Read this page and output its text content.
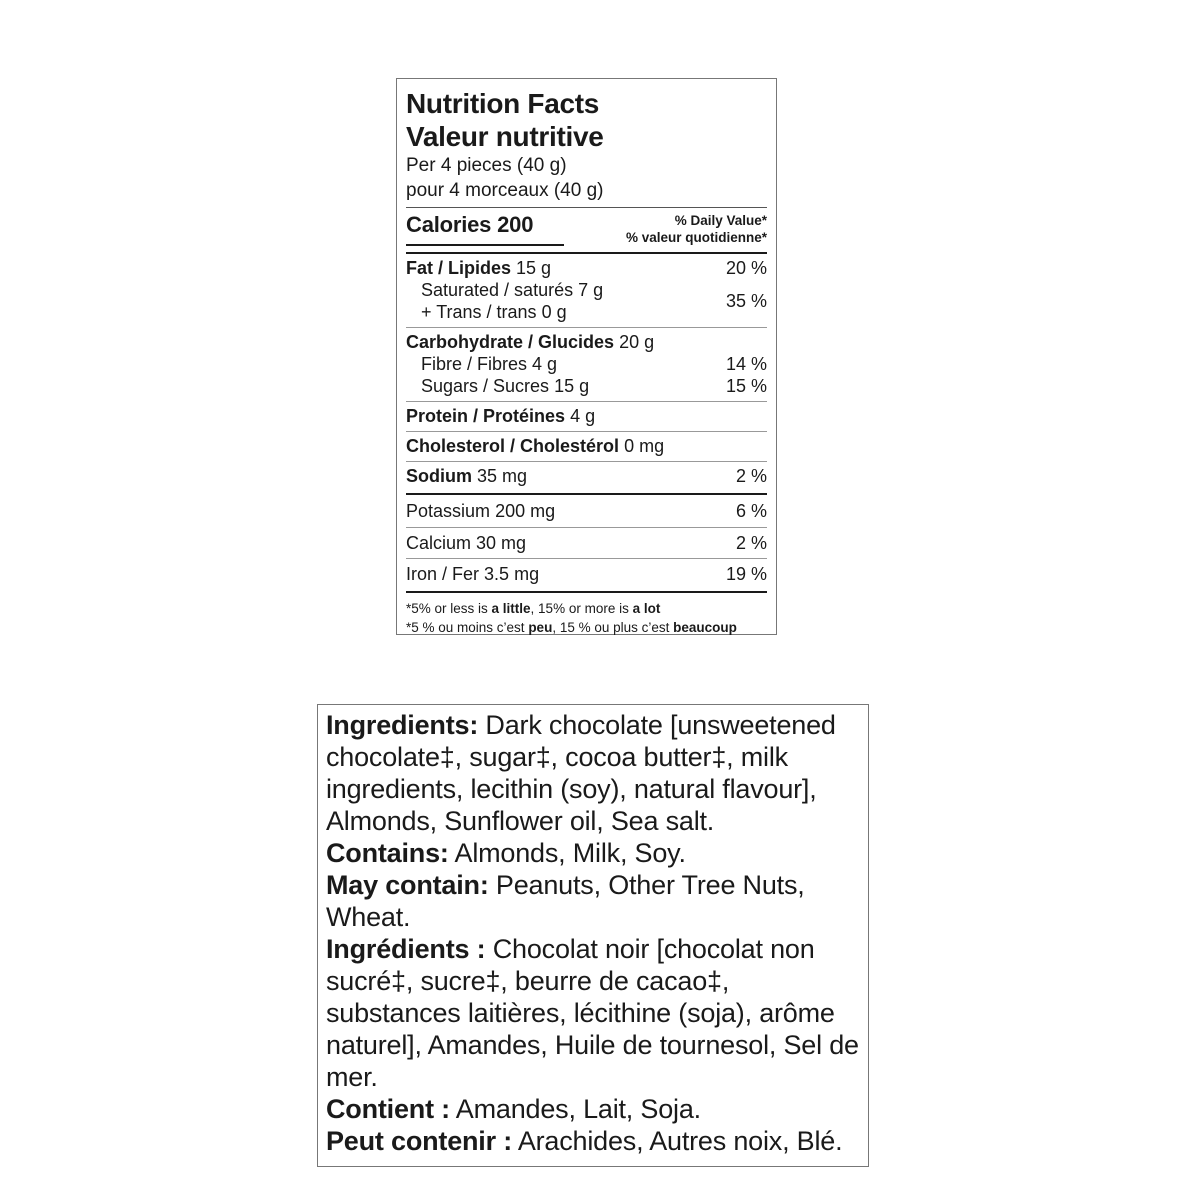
Nutrition Facts
Valeur nutritive
Per 4 pieces (40 g)
pour 4 morceaux (40 g)
Calories 200	% Daily Value*
% valeur quotidienne*
Fat / Lipides 15 g	20 %
Saturated / saturés 7 g
+ Trans / trans 0 g
35 %
Carbohydrate / Glucides 20 g
Fibre / Fibres 4 g	14 %
Sugars / Sucres 15 g	15 %
Protein / Protéines 4 g
Cholesterol / Cholestérol 0 mg
Sodium 35 mg	2 %
Potassium 200 mg	6 %
Calcium 30 mg	2 %
Iron / Fer 3.5 mg	19 %
*5% or less is a little, 15% or more is a lot
*5 % ou moins c’est peu, 15 % ou plus c’est beaucoup

Ingredients: Dark chocolate [unsweetened chocolate‡, sugar‡, cocoa butter‡, milk ingredients, lecithin (soy), natural flavour], Almonds, Sunflower oil, Sea salt.

Contains: Almonds, Milk, Soy.

May contain: Peanuts, Other Tree Nuts, Wheat.

Ingrédients : Chocolat noir [chocolat non sucré‡, sucre‡, beurre de cacao‡, substances laitières, lécithine (soja), arôme naturel], Amandes, Huile de tournesol, Sel de mer.

Contient : Amandes, Lait, Soja.

Peut contenir : Arachides, Autres noix, Blé.
